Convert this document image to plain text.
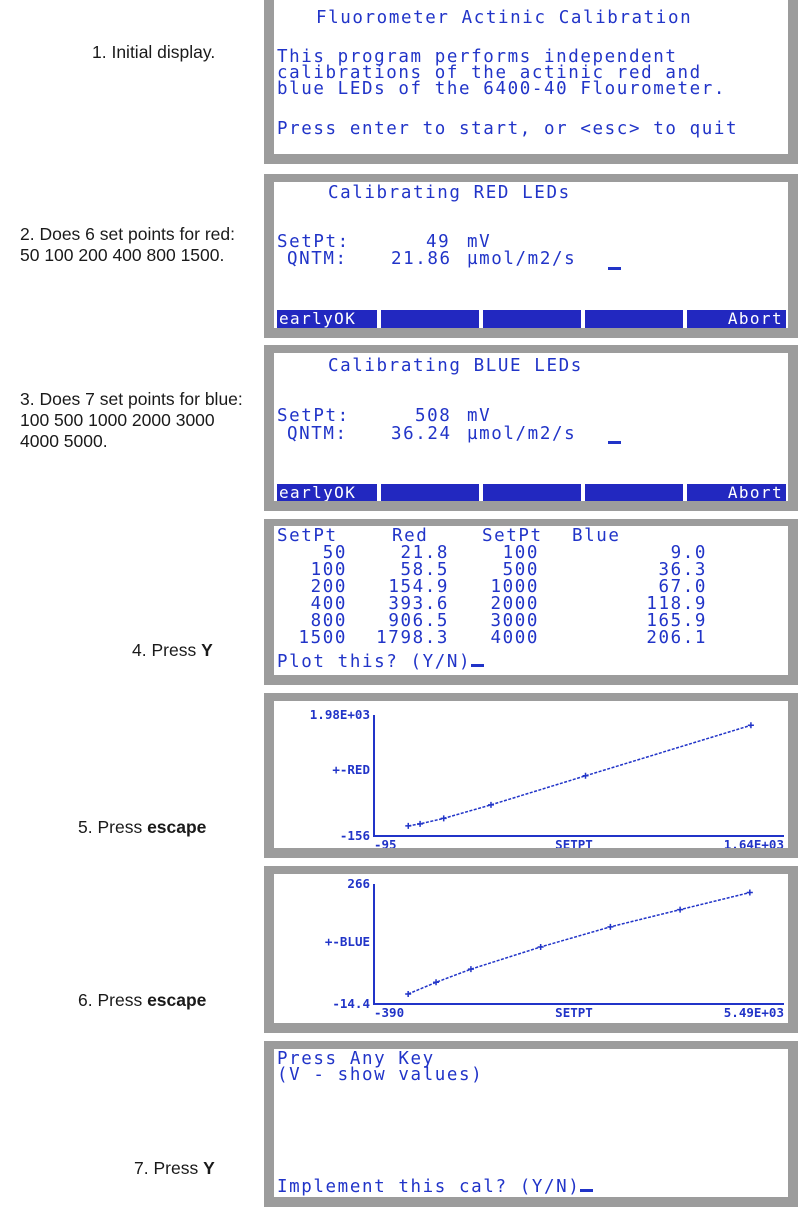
1. Initial display.
2. Does 6 set points for red: 50 100 200 400 800 1500.
3. Does 7 set points for blue: 100 500 1000 2000 3000 4000 5000.
4. Press Y
5. Press escape
6. Press escape
7. Press Y
Fluorometer Actinic Calibration
This program performs independent
calibrations of the actinic red and
blue LEDs of the 6400-40 Flourometer.
Press enter to start, or <esc> to quit
Calibrating RED LEDs
SetPt:	49 mV
QNTM: 21.86 µmol/m2/s
earlyOK	Abort
Calibrating BLUE LEDs
SetPt:	508 mV
QNTM: 36.24 µmol/m2/s
earlyOK	Abort
SetPt	Red	SetPt Blue
50	21.8	100	9.0
100	58.5	500	36.3
200 154.9 1000	67.0
400 393.6 2000	118.9
800 906.5 3000	165.9
1500 1798.3 4000	206.1
Plot this? (Y/N)
1.98E+03
+-RED
-156
-95	SETPT	1.64E+03
266
+-BLUE
-14.4
-390	SETPT	5.49E+03
Press Any Key
(V - show values)
Implement this cal? (Y/N)
